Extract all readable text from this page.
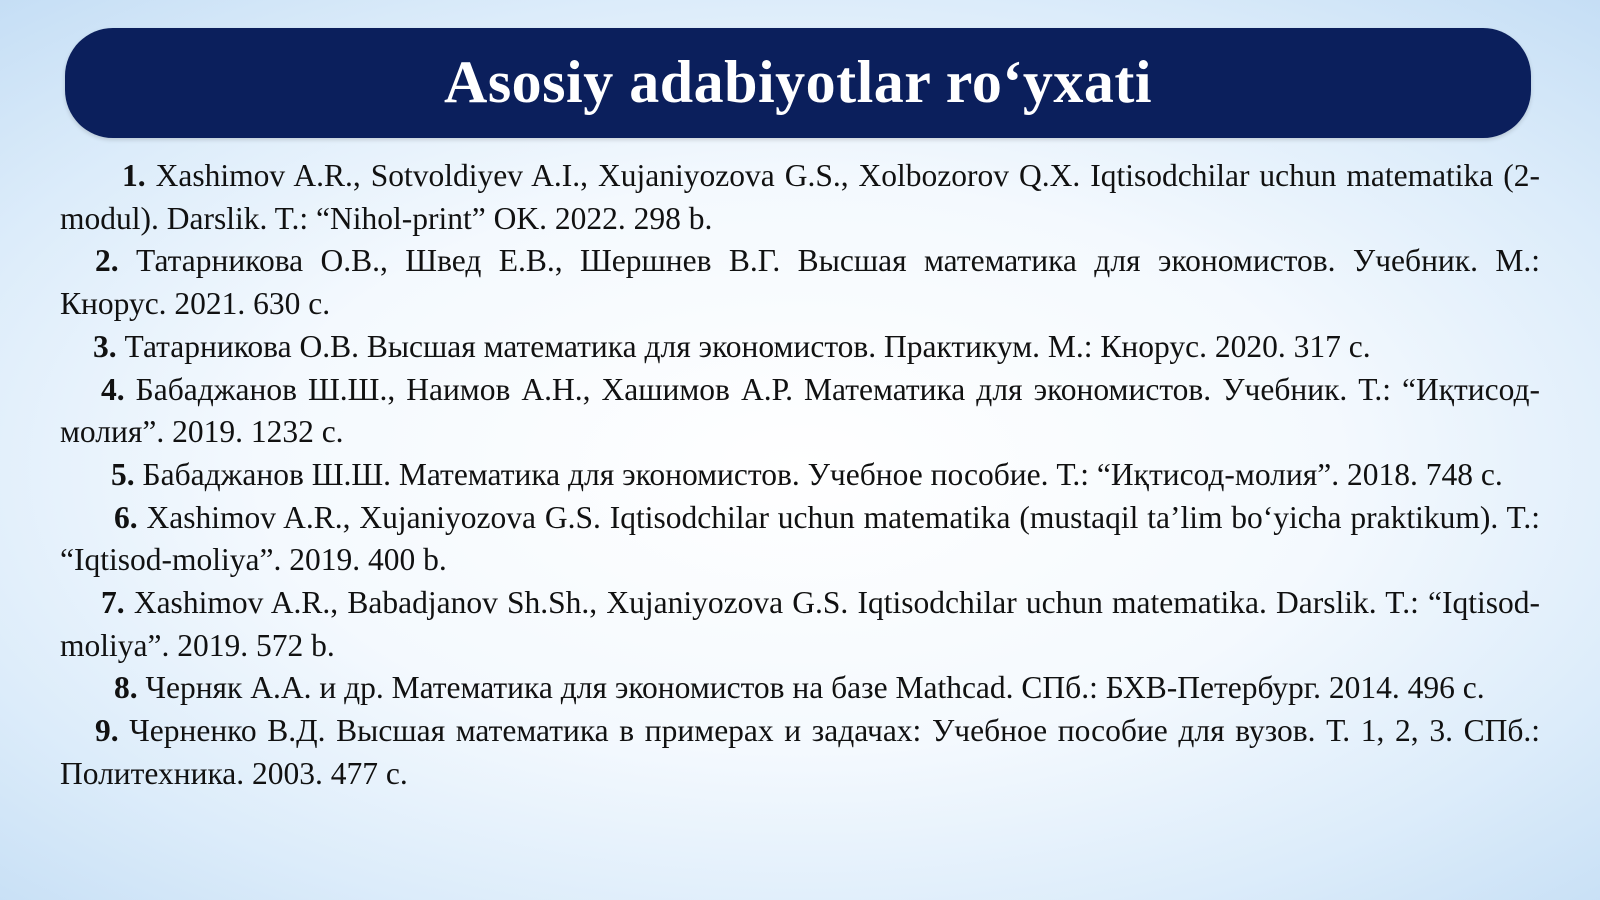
Asosiy adabiyotlar ro‘yxati

1. Xashimov A.R., Sotvoldiyev A.I., Xujaniyozova G.S., Xolbozorov Q.X. Iqtisodchilar uchun matematika (2-modul). Darslik. T.: “Nihol-print” OK. 2022. 298 b.

2. Татарникова О.В., Швед Е.В., Шершнев В.Г. Высшая математика для экономистов. Учебник. М.: Кнорус. 2021. 630 с.

3. Татарникова О.В. Высшая математика для экономистов. Практикум. М.: Кнорус. 2020. 317 с.

4. Бабаджанов Ш.Ш., Наимов А.Н., Хашимов А.Р. Математика для экономистов. Учебник. Т.: “Иқтисод-молия”. 2019. 1232 с.

5. Бабаджанов Ш.Ш. Математика для экономистов. Учебное пособие. Т.: “Иқтисод-молия”. 2018. 748 с.

6. Xashimov A.R., Xujaniyozova G.S. Iqtisodchilar uchun matematika (mustaqil ta’lim bo‘yicha praktikum). T.: “Iqtisod-moliya”. 2019. 400 b.

7. Xashimov A.R., Babadjanov Sh.Sh., Xujaniyozova G.S. Iqtisodchilar uchun matematika. Darslik. T.: “Iqtisod-moliya”. 2019. 572 b.

8. Черняк А.А. и др. Математика для экономистов на базе Mathcad. СПб.: БХВ-Петербург. 2014. 496 с.

9. Черненко В.Д. Высшая математика в примерах и задачах: Учебное пособие для вузов. Т. 1, 2, 3. СПб.: Политехника. 2003. 477 с.
